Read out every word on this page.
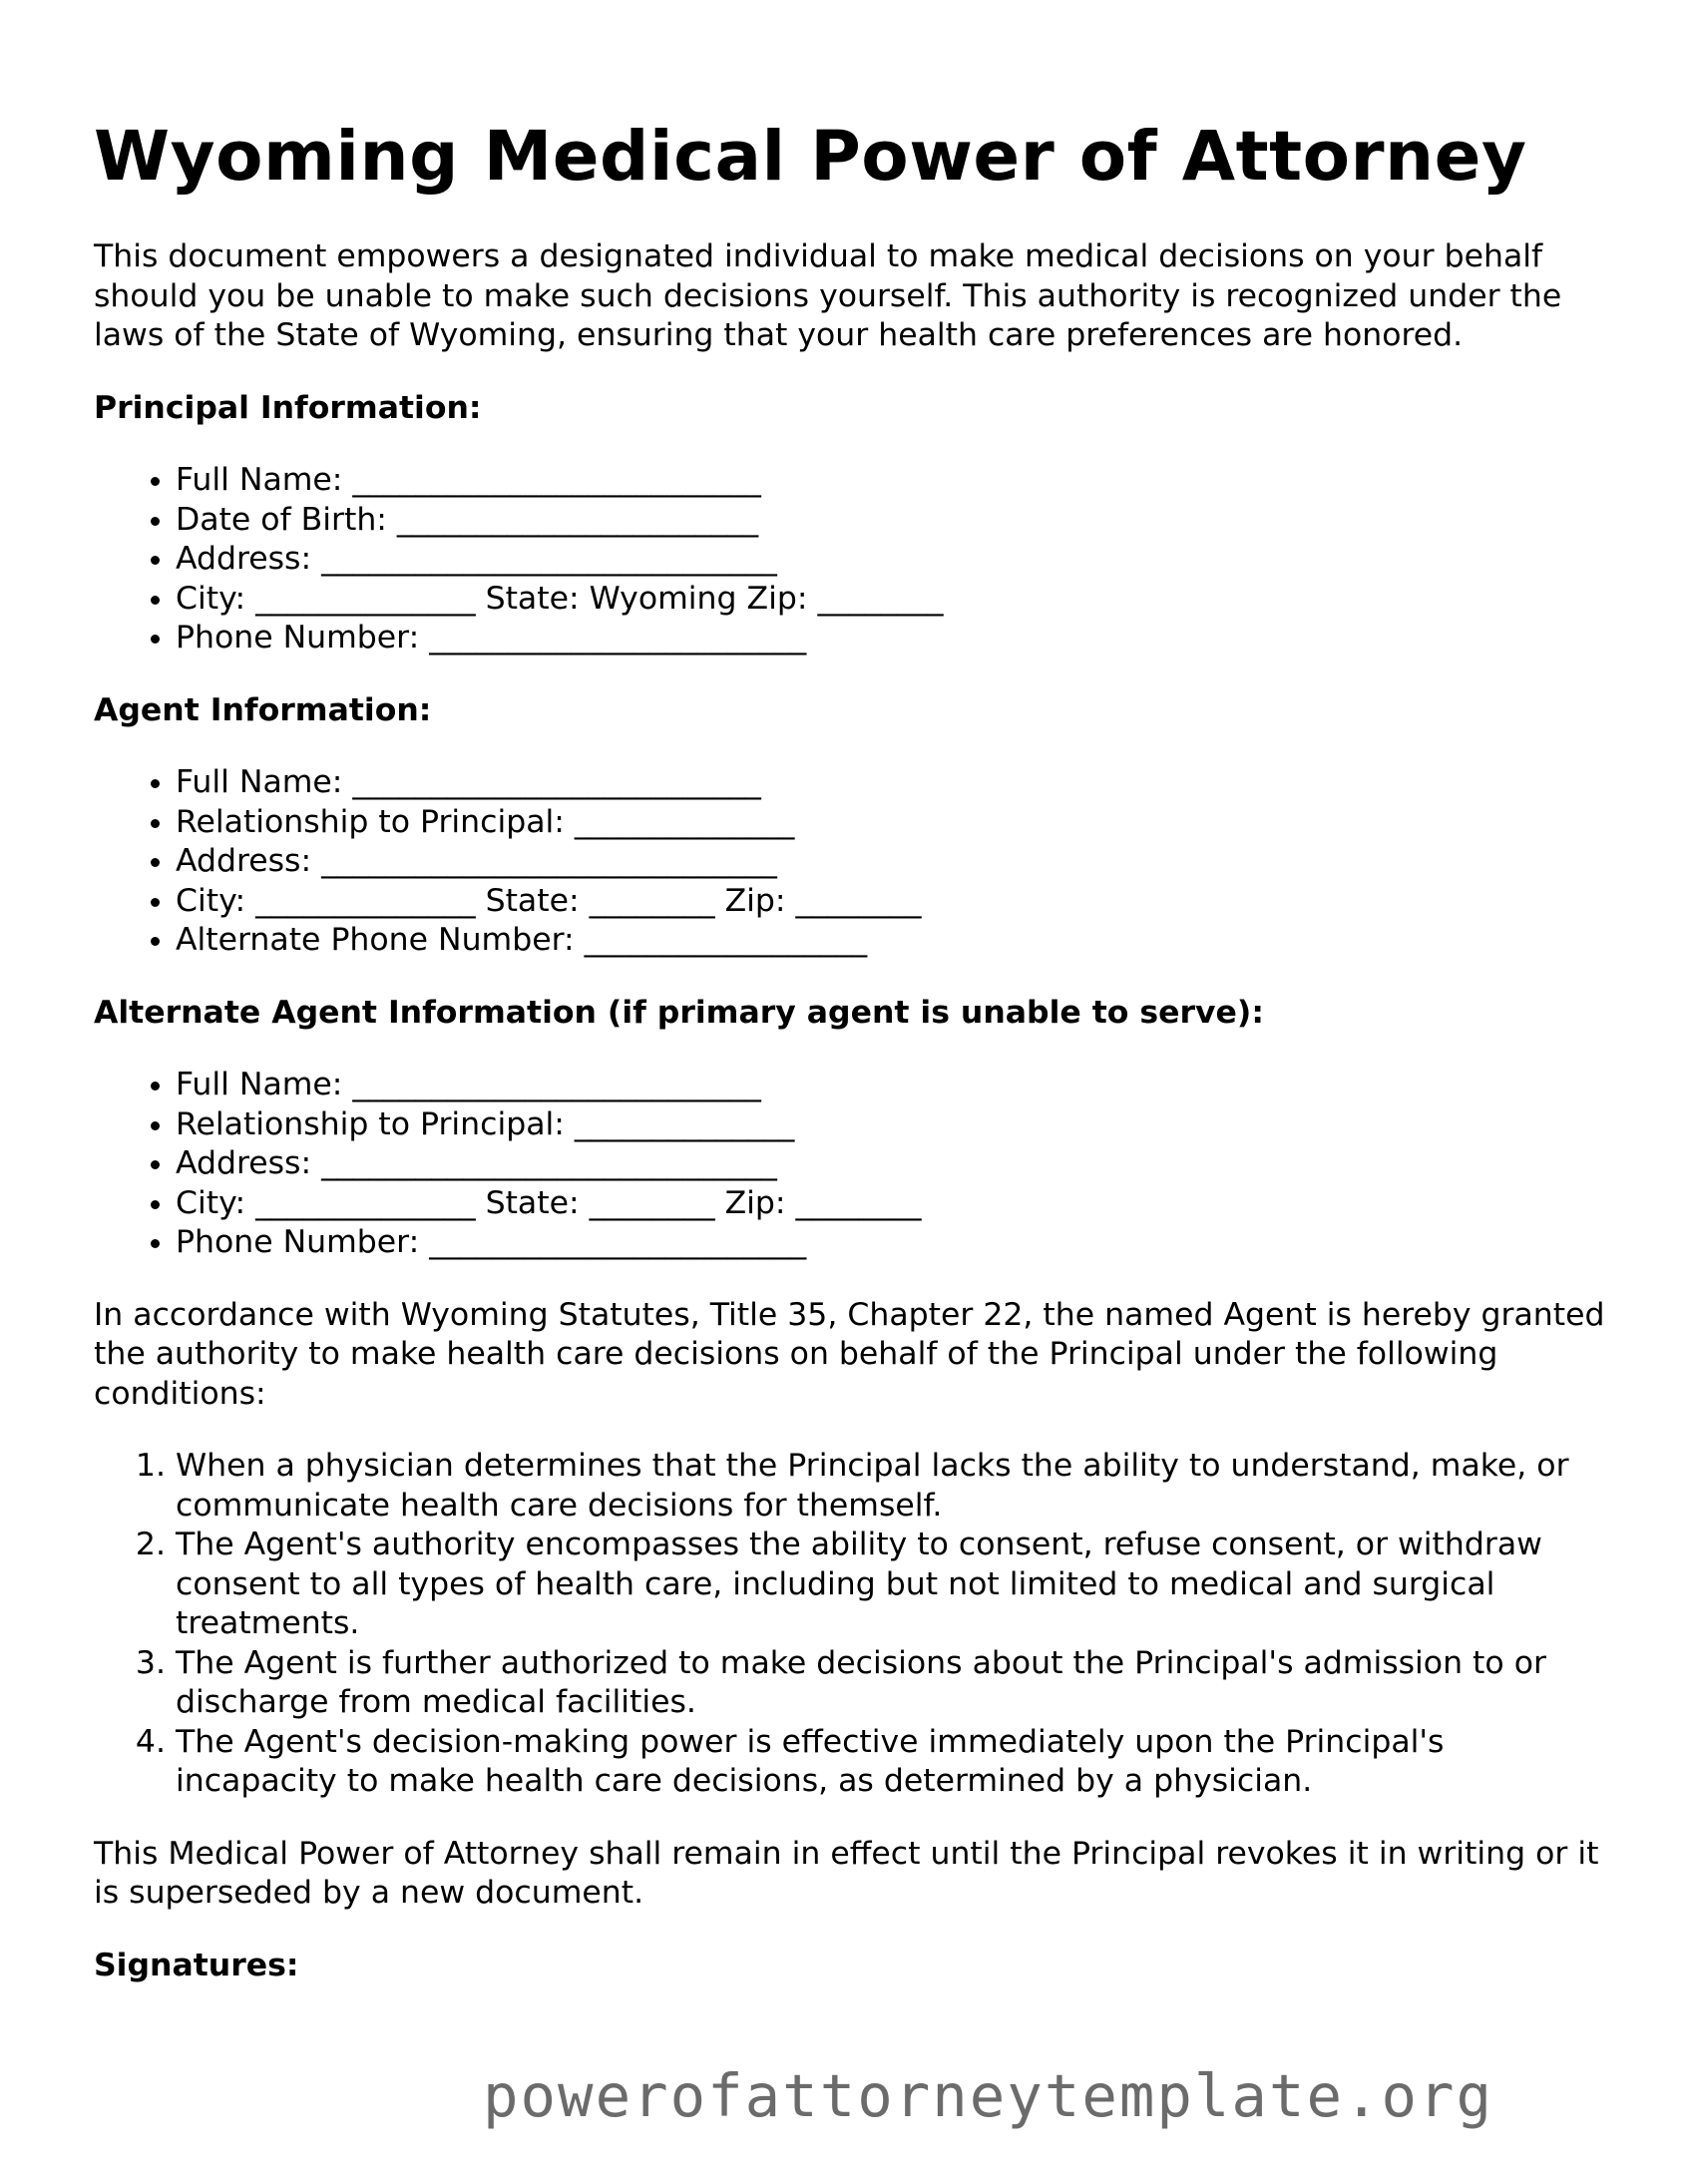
Wyoming Medical Power of Attorney

This document empowers a designated individual to make medical decisions on your behalf should you be unable to make such decisions yourself. This authority is recognized under the laws of the State of Wyoming, ensuring that your health care preferences are honored.

Principal Information:
• Full Name: __________________________
• Date of Birth: _______________________
• Address: _____________________________
• City: ______________ State: Wyoming Zip: ________
• Phone Number: ________________________
Agent Information:
• Full Name: __________________________
• Relationship to Principal: ______________
• Address: _____________________________
• City: ______________ State: ________ Zip: ________
• Alternate Phone Number: __________________
Alternate Agent Information (if primary agent is unable to serve):
• Full Name: __________________________
• Relationship to Principal: ______________
• Address: _____________________________
• City: ______________ State: ________ Zip: ________
• Phone Number: ________________________

In accordance with Wyoming Statutes, Title 35, Chapter 22, the named Agent is hereby granted the authority to make health care decisions on behalf of the Principal under the following conditions:

1. When a physician determines that the Principal lacks the ability to understand, make, or communicate health care decisions for themself.
2. The Agent's authority encompasses the ability to consent, refuse consent, or withdraw consent to all types of health care, including but not limited to medical and surgical treatments.
3. The Agent is further authorized to make decisions about the Principal's admission to or discharge from medical facilities.
4. The Agent's decision-making power is effective immediately upon the Principal's incapacity to make health care decisions, as determined by a physician.

This Medical Power of Attorney shall remain in effect until the Principal revokes it in writing or it is superseded by a new document.

Signatures:
powerofattorneytemplate.org
